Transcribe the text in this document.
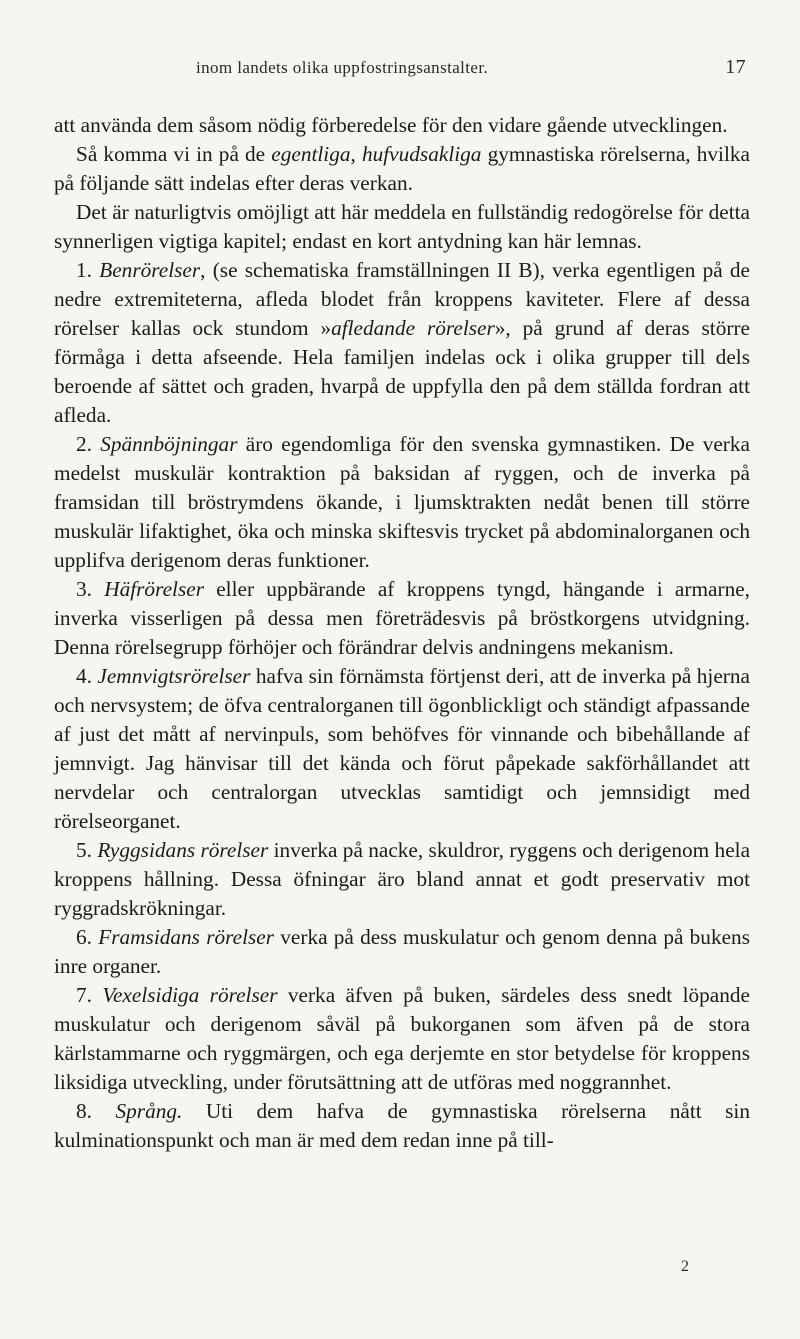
inom landets olika uppfostringsanstalter.	17

att använda dem såsom nödig förberedelse för den vidare gående utvecklingen.

Så komma vi in på de egentliga, hufvudsakliga gymnastiska rörelserna, hvilka på följande sätt indelas efter deras verkan.

Det är naturligtvis omöjligt att här meddela en fullständig redogörelse för detta synnerligen vigtiga kapitel; endast en kort antydning kan här lemnas.

1. Benrörelser, (se schematiska framställningen II B), verka egentligen på de nedre extremiteterna, afleda blodet från kroppens kaviteter. Flere af dessa rörelser kallas ock stundom »afledande rörelser», på grund af deras större förmåga i detta afseende. Hela familjen indelas ock i olika grupper till dels beroende af sättet och graden, hvarpå de uppfylla den på dem ställda fordran att afleda.

2. Spännböjningar äro egendomliga för den svenska gymnastiken. De verka medelst muskulär kontraktion på baksidan af ryggen, och de inverka på framsidan till bröstrymdens ökande, i ljumsktrakten nedåt benen till större muskulär lifaktighet, öka och minska skiftesvis trycket på abdominalorganen och upplifva derigenom deras funktioner.

3. Häfrörelser eller uppbärande af kroppens tyngd, hängande i armarne, inverka visserligen på dessa men företrädesvis på bröstkorgens utvidgning. Denna rörelsegrupp förhöjer och förändrar delvis andningens mekanism.

4. Jemnvigtsrörelser hafva sin förnämsta förtjenst deri, att de inverka på hjerna och nervsystem; de öfva centralorganen till ögonblickligt och ständigt afpassande af just det mått af nervinpuls, som behöfves för vinnande och bibehållande af jemnvigt. Jag hänvisar till det kända och förut påpekade sakförhållandet att nervdelar och centralorgan utvecklas samtidigt och jemnsidigt med rörelseorganet.

5. Ryggsidans rörelser inverka på nacke, skuldror, ryggens och derigenom hela kroppens hållning. Dessa öfningar äro bland annat et godt preservativ mot ryggradskrökningar.

6. Framsidans rörelser verka på dess muskulatur och genom denna på bukens inre organer.

7. Vexelsidiga rörelser verka äfven på buken, särdeles dess snedt löpande muskulatur och derigenom såväl på bukorganen som äfven på de stora kärlstammarne och ryggmärgen, och ega derjemte en stor betydelse för kroppens liksidiga utveckling, under förutsättning att de utföras med noggrannhet.

8. Språng. Uti dem hafva de gymnastiska rörelserna nått sin kulminationspunkt och man är med dem redan inne på till-

2
